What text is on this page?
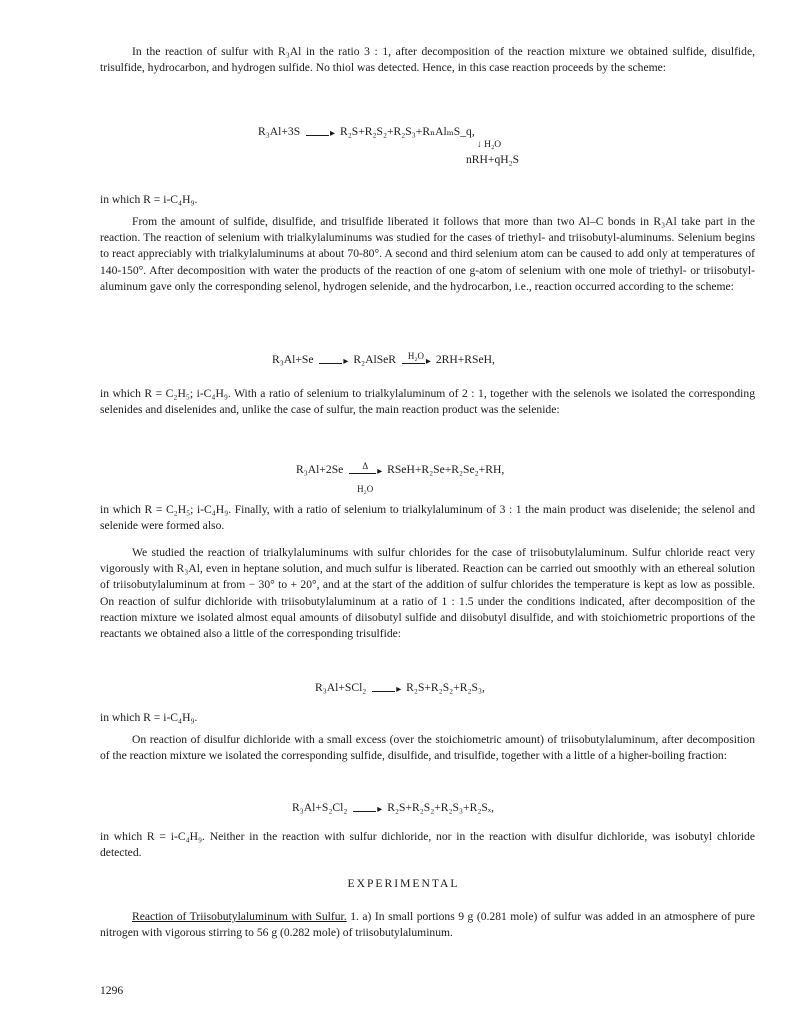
In the reaction of sulfur with R₃Al in the ratio 3 : 1, after decomposition of the reaction mixture we obtained sulfide, disulfide, trisulfide, hydrocarbon, and hydrogen sulfide. No thiol was detected. Hence, in this case reaction proceeds by the scheme:

R₃Al+3S	R₂S+R₂S₂+R₂S₃+RₙAlₘS_q,
↓ H₂O
nRH+qH₂S

in which R = i-C₄H₉.

From the amount of sulfide, disulfide, and trisulfide liberated it follows that more than two Al–C bonds in R₃Al take part in the reaction. The reaction of selenium with trialkylaluminums was studied for the cases of triethyl- and triisobutyl-aluminums. Selenium begins to react appreciably with trialkylaluminums at about 70-80°. A second and third selenium atom can be caused to add only at temperatures of 140-150°. After decomposition with water the products of the reaction of one g-atom of selenium with one mole of triethyl- or triisobutyl-aluminum gave only the corresponding selenol, hydrogen selenide, and the hydrocarbon, i.e., reaction occurred according to the scheme:

R₃Al+Se	R₂AlSeR	H₂O	2RH+RSeH,

in which R = C₂H₅; i-C₄H₉. With a ratio of selenium to trialkylaluminum of 2 : 1, together with the selenols we isolated the corresponding selenides and diselenides and, unlike the case of sulfur, the main reaction product was the selenide:

R₃Al+2Se	Δ
H₂O
RSeH+R₂Se+R₂Se₂+RH,

in which R = C₂H₅; i-C₄H₉. Finally, with a ratio of selenium to trialkylaluminum of 3 : 1 the main product was diselenide; the selenol and selenide were formed also.

We studied the reaction of trialkylaluminums with sulfur chlorides for the case of triisobutylaluminum. Sulfur chloride react very vigorously with R₃Al, even in heptane solution, and much sulfur is liberated. Reaction can be carried out smoothly with an ethereal solution of triisobutylaluminum at from − 30° to + 20°, and at the start of the addition of sulfur chlorides the temperature is kept as low as possible. On reaction of sulfur dichloride with triisobutylaluminum at a ratio of 1 : 1.5 under the conditions indicated, after decomposition of the reaction mixture we isolated almost equal amounts of diisobutyl sulfide and diisobutyl disulfide, and with stoichiometric proportions of the reactants we obtained also a little of the corresponding trisulfide:

R₃Al+SCl₂	R₂S+R₂S₂+R₂S₃,

in which R = i-C₄H₉.

On reaction of disulfur dichloride with a small excess (over the stoichiometric amount) of triisobutylaluminum, after decomposition of the reaction mixture we isolated the corresponding sulfide, disulfide, and trisulfide, together with a little of a higher-boiling fraction:

R₃Al+S₂Cl₂	R₂S+R₂S₂+R₂S₃+R₂Sₓ,

in which R = i-C₄H₉. Neither in the reaction with sulfur dichloride, nor in the reaction with disulfur dichloride, was isobutyl chloride detected.

EXPERIMENTAL

Reaction of Triisobutylaluminum with Sulfur. 1. a) In small portions 9 g (0.281 mole) of sulfur was added in an atmosphere of pure nitrogen with vigorous stirring to 56 g (0.282 mole) of triisobutylaluminum.

1296
